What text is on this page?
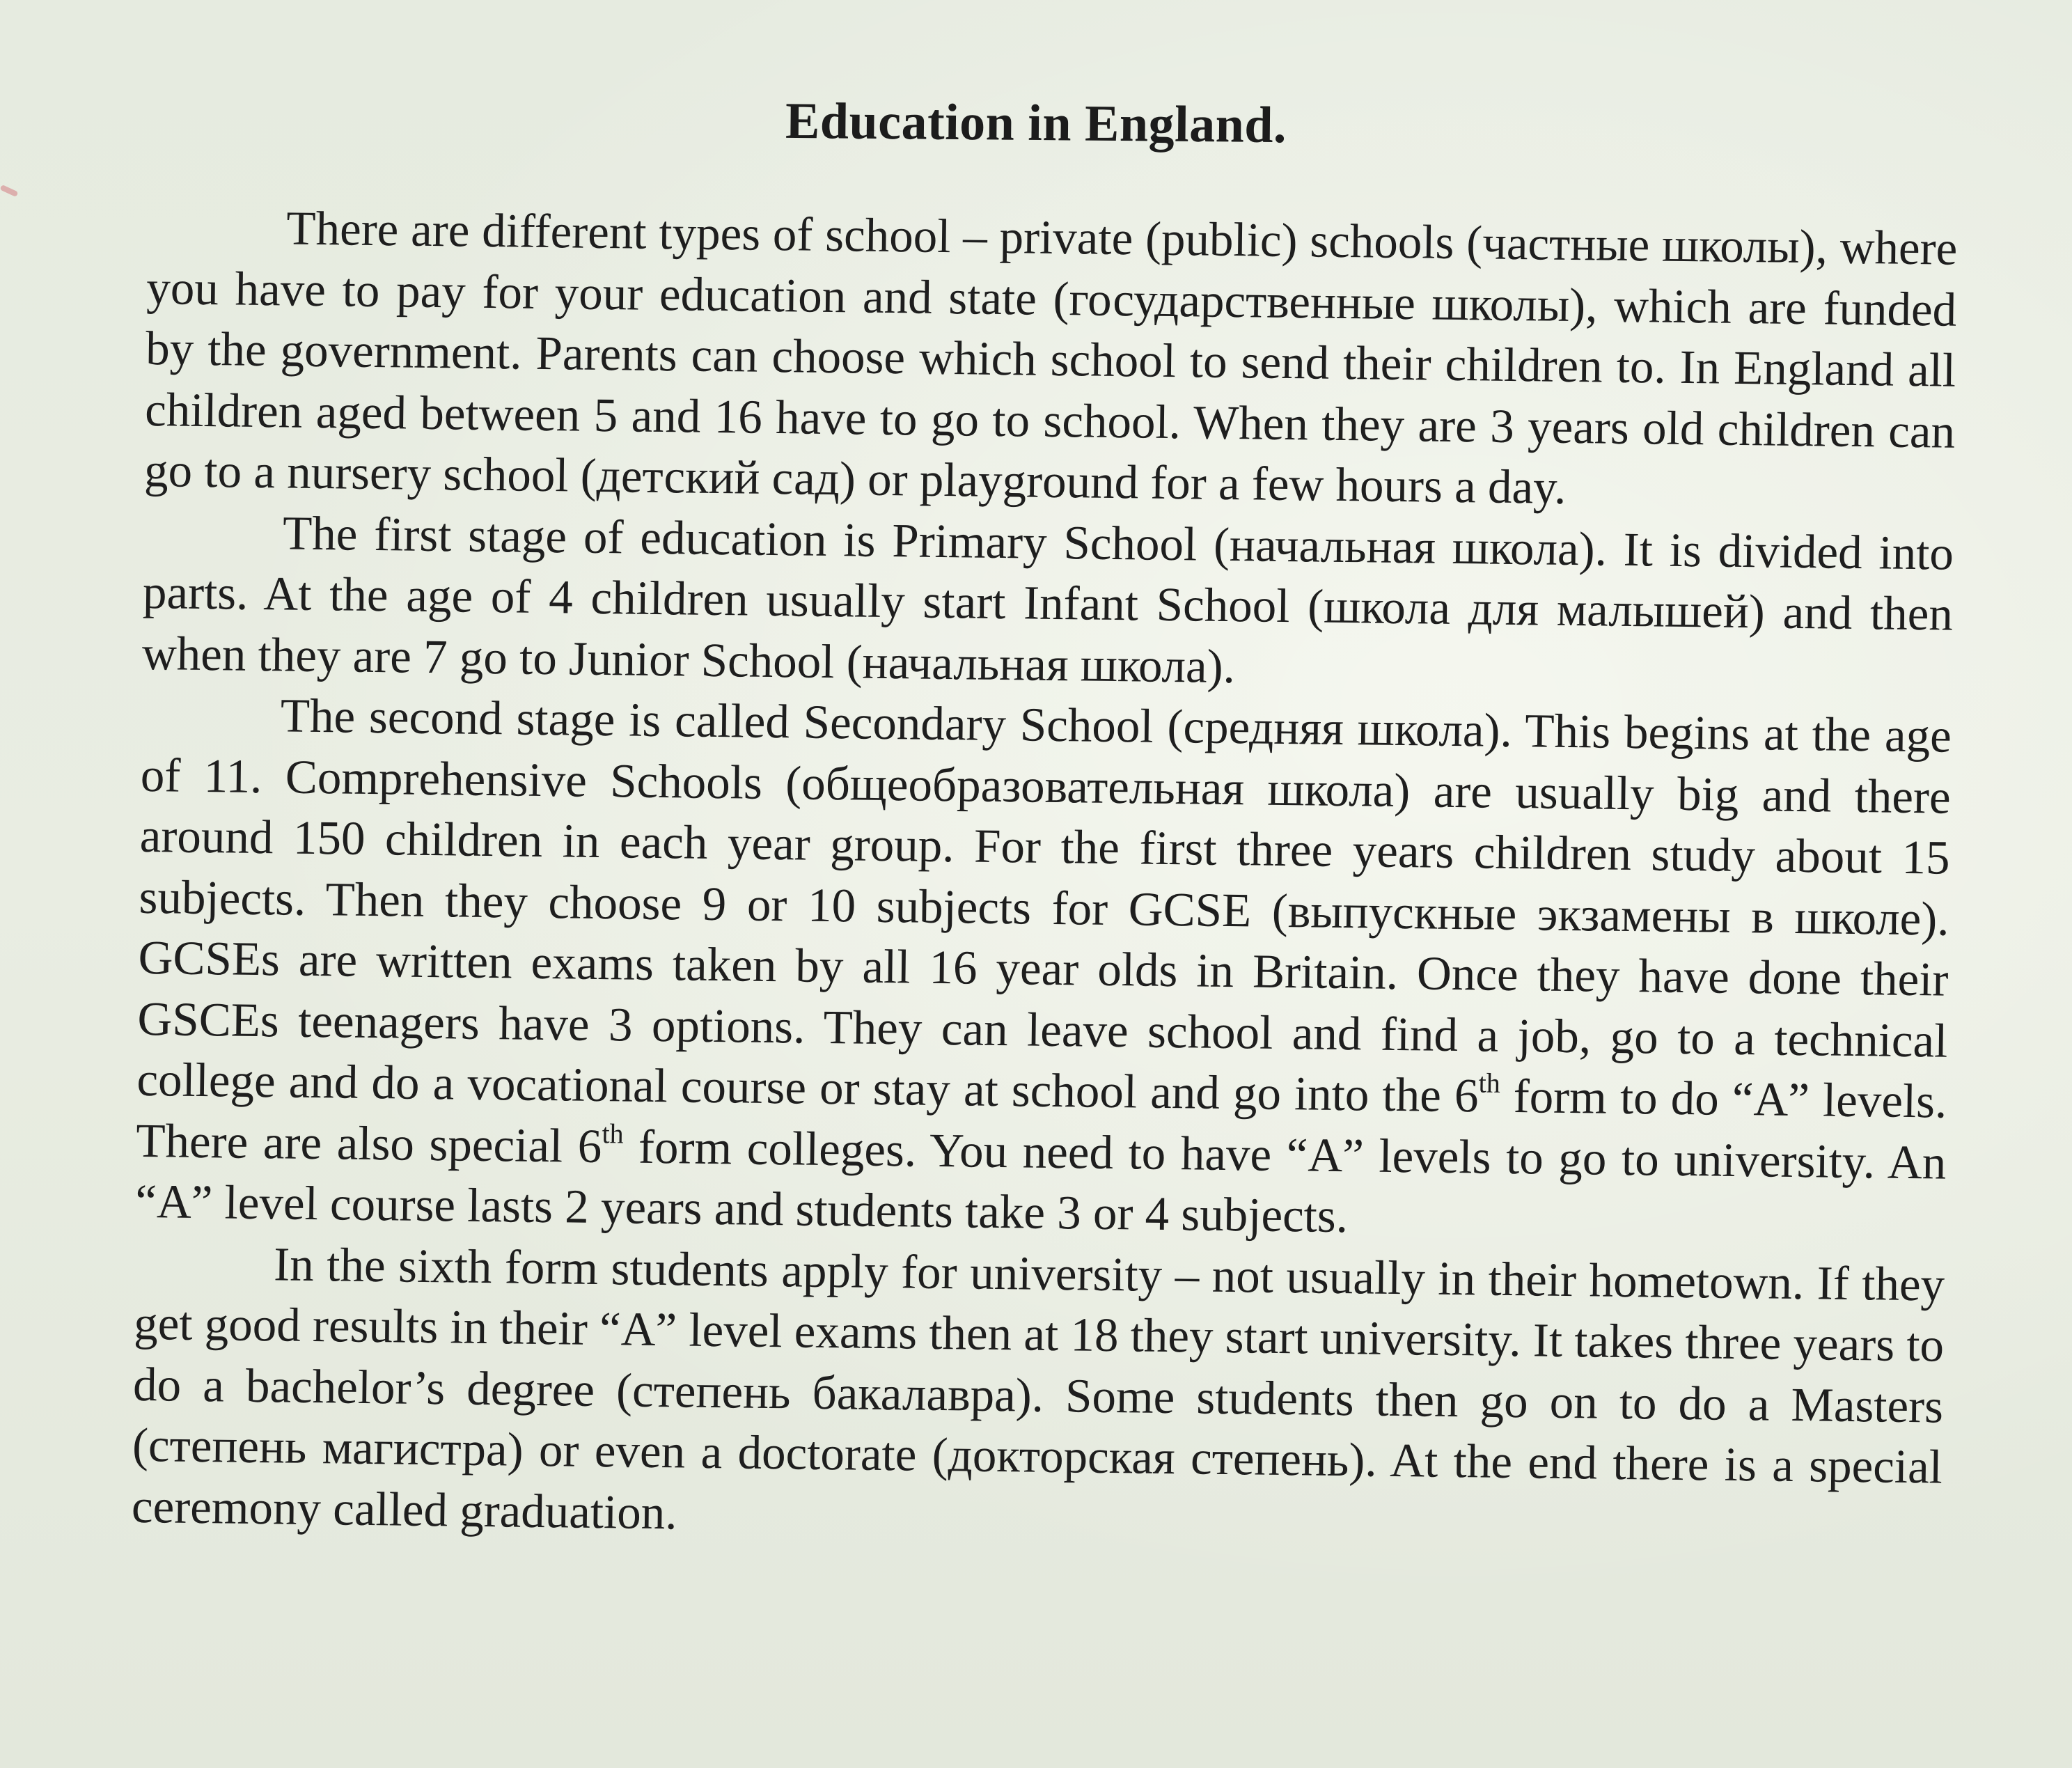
Education in England.

There are different types of school – private (public) schools (частные школы), where you have to pay for your education and state (государственные школы), which are funded by the government. Parents can choose which school to send their children to. In England all children aged between 5 and 16 have to go to school. When they are 3 years old children can go to a nursery school (детский сад) or playground for a few hours a day.

The first stage of education is Primary School (начальная школа). It is divided into parts. At the age of 4 children usually start Infant School (школа для малышей) and then when they are 7 go to Junior School (начальная школа).

The second stage is called Secondary School (средняя школа). This begins at the age of 11. Comprehensive Schools (общеобразовательная школа) are usually big and there around 150 children in each year group. For the first three years children study about 15 subjects. Then they choose 9 or 10 subjects for GCSE (выпускные экзамены в школе). GCSEs are written exams taken by all 16 year olds in Britain. Once they have done their GSCEs teenagers have 3 options. They can leave school and find a job, go to a technical college and do a vocational course or stay at school and go into the 6th form to do “A” levels. There are also special 6th form colleges. You need to have “A” levels to go to university. An “A” level course lasts 2 years and students take 3 or 4 subjects.

In the sixth form students apply for university – not usually in their hometown. If they get good results in their “A” level exams then at 18 they start university. It takes three years to do a bachelor’s degree (степень бакалавра). Some students then go on to do a Masters (степень магистра) or even a doctorate (докторская степень). At the end there is a special ceremony called graduation.
